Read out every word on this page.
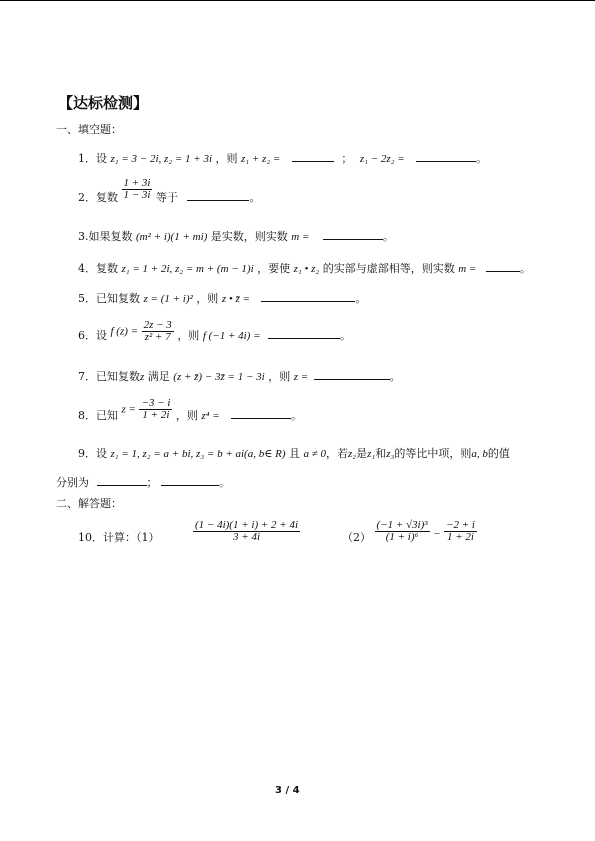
【达标检测】
一、填空题：
1．设 z₁ = 3 − 2i, z₂ = 1 + 3i ，则 z₁ + z₂ =	； z₁ − 2z₂ =	。
2．复数 $\frac{1 + 3i}{1 - 3i}$ 等于	。
3.如果复数 (m² + i)(1 + mi) 是实数，则实数 m =	。
4．复数 z₁ = 1 + 2i, z₂ = m + (m − 1)i ，要使 z₁ • z₂ 的实部与虚部相等，则实数 m =	。
5．已知复数 z = (1 + i)² ，则 z • z̄ =	。
6．设 f $(z) = \frac{2z - 3}{\text{z² + 7}}$ ，则 f (−1 + 4i) =	。
7．已知复数z 满足 (z + z̄) − 3z̄ = 1 − 3i ，则 z =	。
8．已知 $z = \frac{-3 - i}{1 + 2i}$ ，则 z⁴ =	。
9．设 z₁ = 1, z₂ = a + bi, z₃ = b + ai(a, b∈ R) 且 a ≠ 0，若z₂是z₁和z₃的等比中项，则a, b的值
分别为	；	。
二、解答题：
10．计算：（1）	$\frac{(1 - 4i)(1 + i) + 2 + 4i}{3 + 4i}$	$(2) \frac{\text{(−1 + √3i)³}}{\text{(1 + i)⁶}} - \frac{-2 + i}{1 + 2i}$
3 / 4
